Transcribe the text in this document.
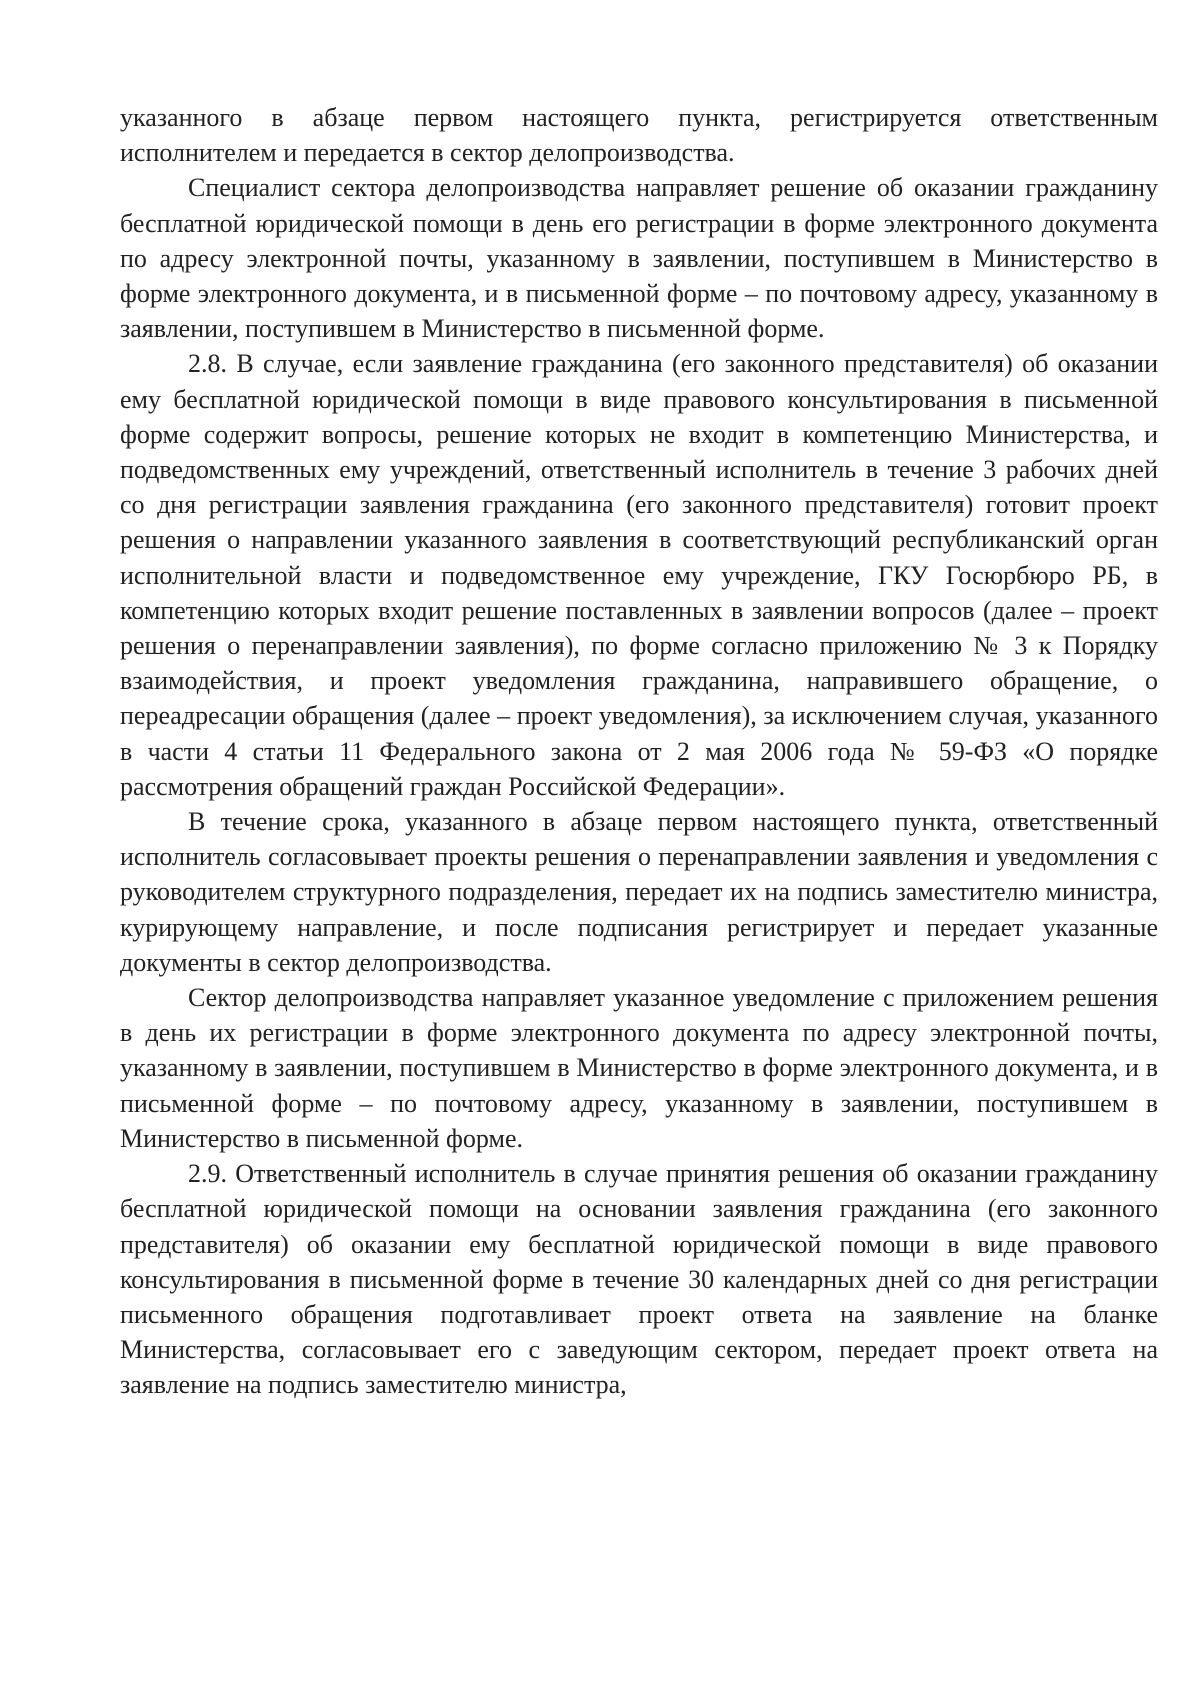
указанного в абзаце первом настоящего пункта, регистрируется ответственным исполнителем и передается в сектор делопроизводства.

Специалист сектора делопроизводства направляет решение об оказании гражданину бесплатной юридической помощи в день его регистрации в форме электронного документа по адресу электронной почты, указанному в заявлении, поступившем в Министерство в форме электронного документа, и в письменной форме – по почтовому адресу, указанному в заявлении, поступившем в Министерство в письменной форме.

2.8. В случае, если заявление гражданина (его законного представителя) об оказании ему бесплатной юридической помощи в виде правового консультирования в письменной форме содержит вопросы, решение которых не входит в компетенцию Министерства, и подведомственных ему учреждений, ответственный исполнитель в течение 3 рабочих дней со дня регистрации заявления гражданина (его законного представителя) готовит проект решения о направлении указанного заявления в соответствующий республиканский орган исполнительной власти и подведомственное ему учреждение, ГКУ Госюрбюро РБ, в компетенцию которых входит решение поставленных в заявлении вопросов (далее – проект решения о перенаправлении заявления), по форме согласно приложению № 3 к Порядку взаимодействия, и проект уведомления гражданина, направившего обращение, о переадресации обращения (далее – проект уведомления), за исключением случая, указанного в части 4 статьи 11 Федерального закона от 2 мая 2006 года № 59-ФЗ «О порядке рассмотрения обращений граждан Российской Федерации».

В течение срока, указанного в абзаце первом настоящего пункта, ответственный исполнитель согласовывает проекты решения о перенаправлении заявления и уведомления с руководителем структурного подразделения, передает их на подпись заместителю министра, курирующему направление, и после подписания регистрирует и передает указанные документы в сектор делопроизводства.

Сектор делопроизводства направляет указанное уведомление с приложением решения в день их регистрации в форме электронного документа по адресу электронной почты, указанному в заявлении, поступившем в Министерство в форме электронного документа, и в письменной форме – по почтовому адресу, указанному в заявлении, поступившем в Министерство в письменной форме.

2.9. Ответственный исполнитель в случае принятия решения об оказании гражданину бесплатной юридической помощи на основании заявления гражданина (его законного представителя) об оказании ему бесплатной юридической помощи в виде правового консультирования в письменной форме в течение 30 календарных дней со дня регистрации письменного обращения подготавливает проект ответа на заявление на бланке Министерства, согласовывает его с заведующим сектором, передает проект ответа на заявление на подпись заместителю министра,
